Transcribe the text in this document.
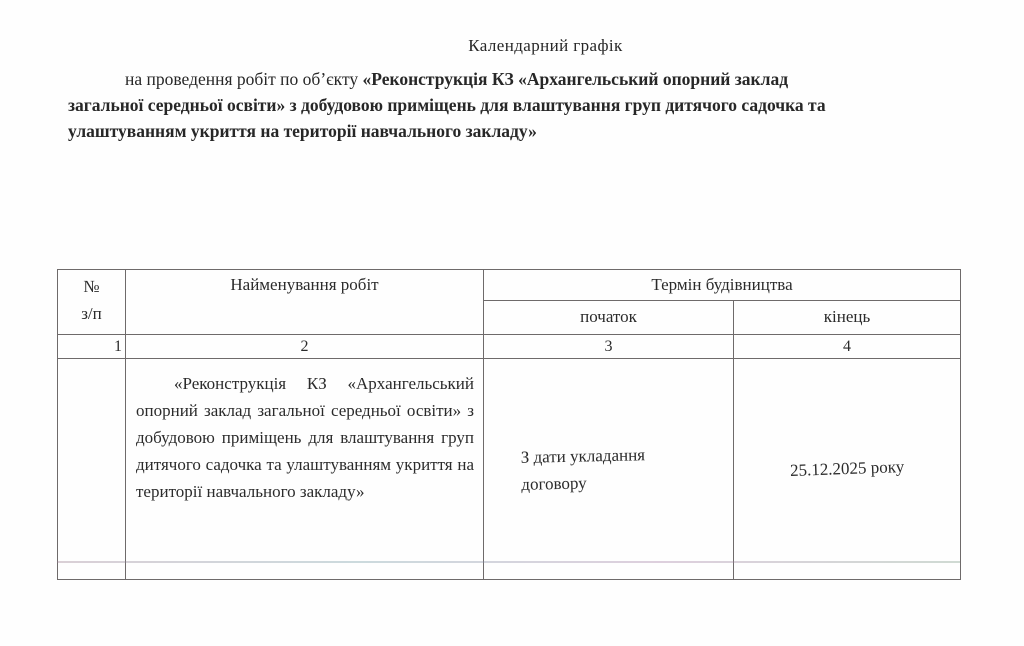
Календарний графік
на проведення робіт по об’єкту «Реконструкція КЗ «Архангельський опорний заклад
загальної середньої освіти» з добудовою приміщень для влаштування груп дитячого садочка та
улаштуванням укриття на території навчального закладу»
№
з/п	Найменування робіт	Термін будівництва	
		початок	кінець
1	2	3	4

	«Реконструкція КЗ «Архангельський опорний заклад загальної середньої освіти» з добудовою приміщень для влаштування груп дитячого садочка та улаштуванням укриття на території навчального закладу»	З дати укладання договору	25.12.2025 року
